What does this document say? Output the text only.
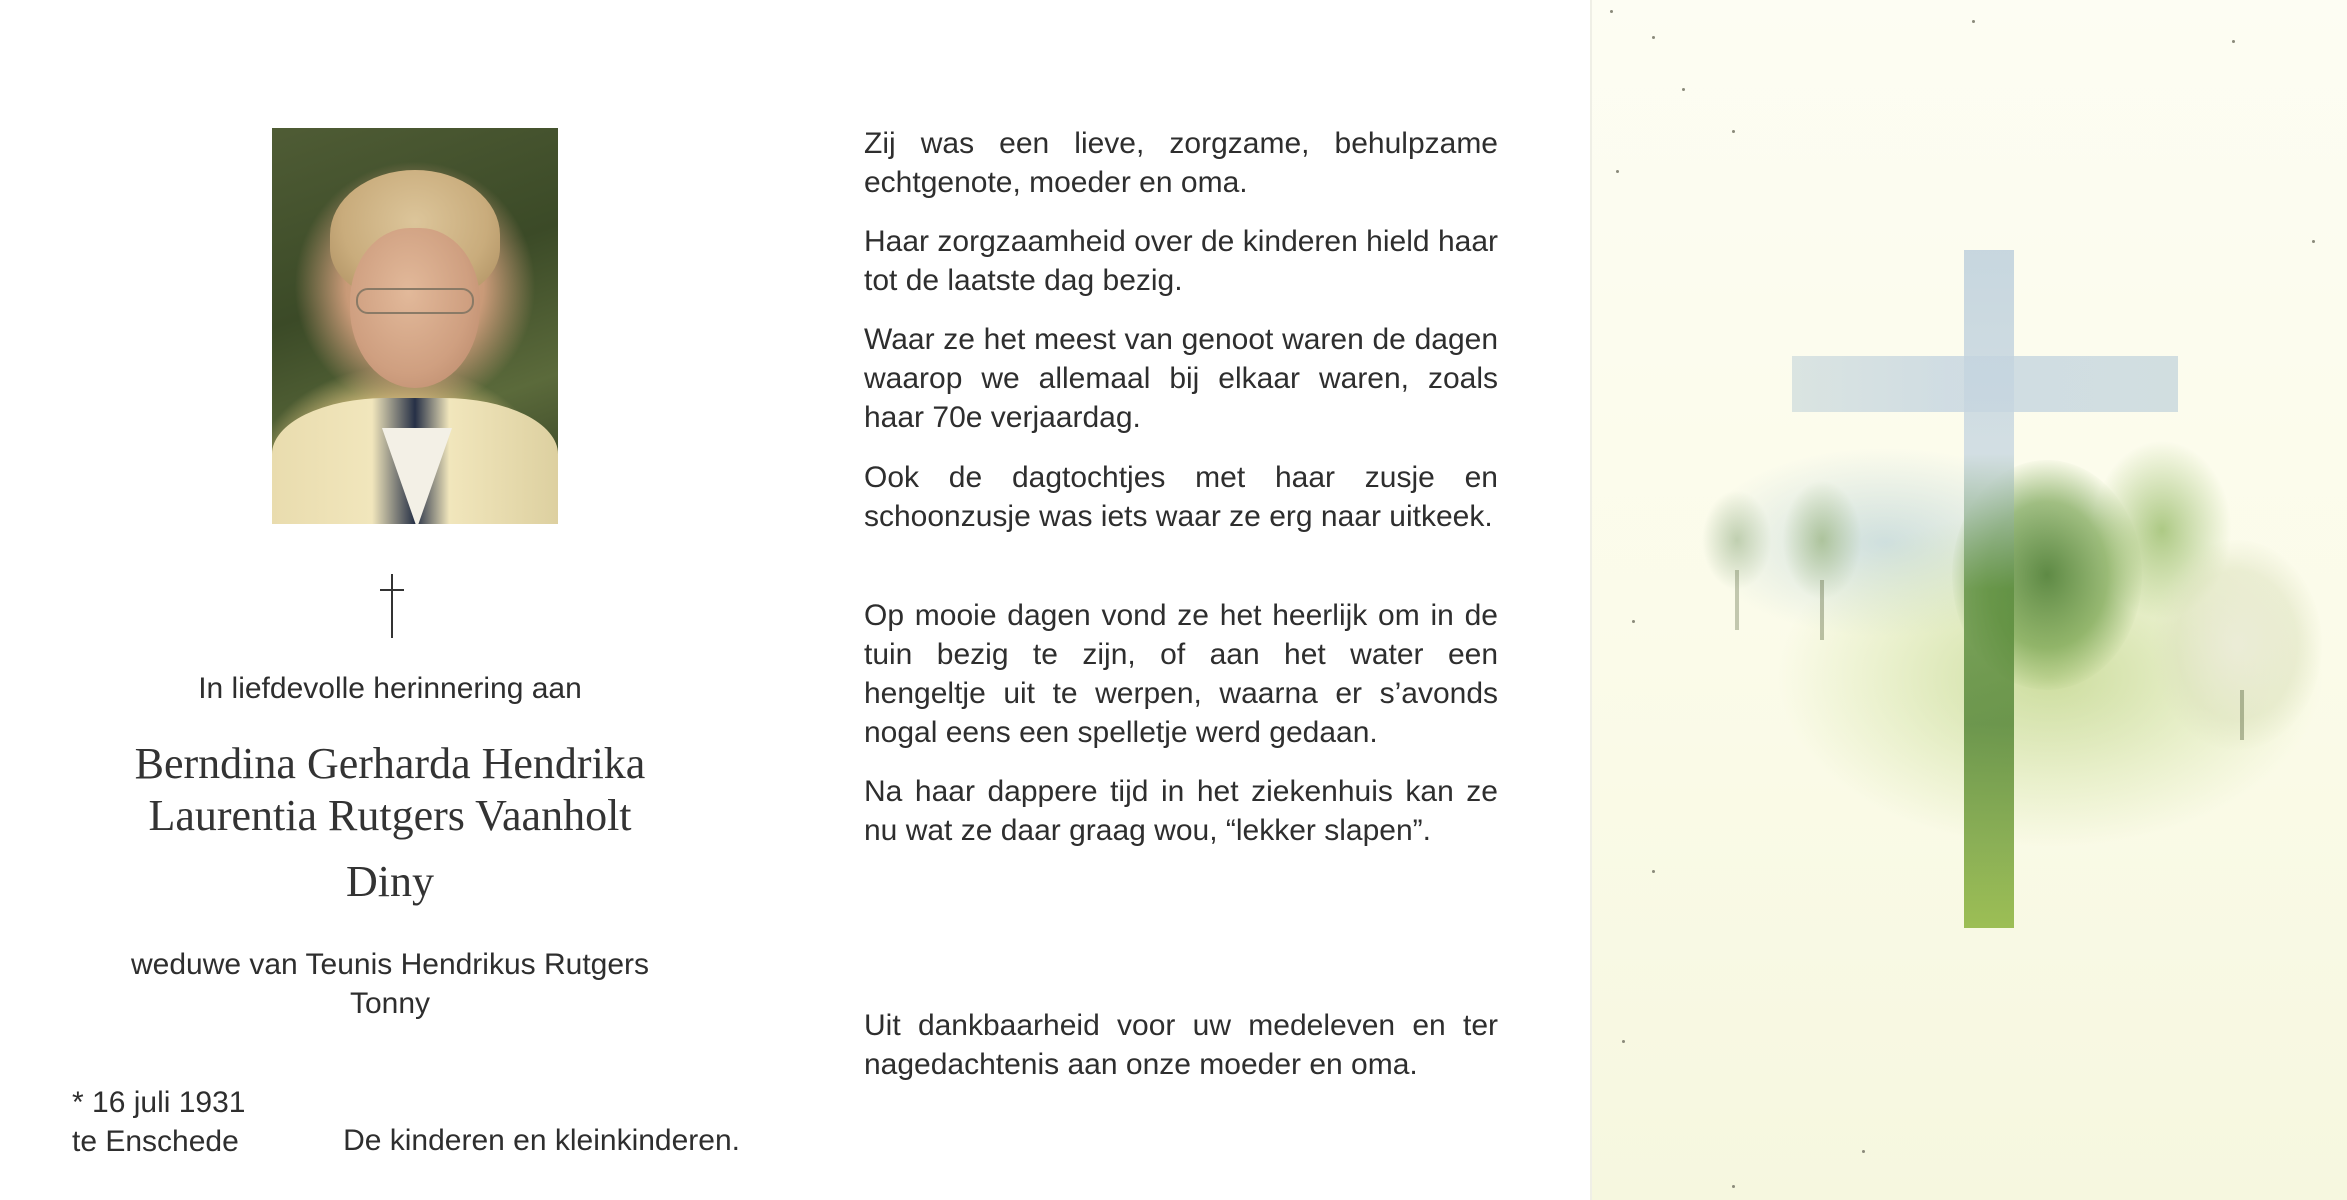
In liefdevolle herinnering aan
Berndina Gerharda Hendrika
Laurentia Rutgers Vaanholt
Diny
weduwe van Teunis Hendrikus Rutgers
Tonny
* 16 juli 1931
te Enschede

Zij was een lieve, zorgzame, behulpzame echtgenote, moeder en oma.

Haar zorgzaamheid over de kinderen hield haar tot de laatste dag bezig.

Waar ze het meest van genoot waren de dagen waarop we allemaal bij elkaar waren, zoals haar 70e verjaardag.

Ook de dagtochtjes met haar zusje en schoonzusje was iets waar ze erg naar uitkeek.

Op mooie dagen vond ze het heerlijk om in de tuin bezig te zijn, of aan het water een hengeltje uit te werpen, waarna er s’avonds nogal eens een spelletje werd gedaan.

Na haar dappere tijd in het ziekenhuis kan ze nu wat ze daar graag wou, “lekker slapen”.

Uit dankbaarheid voor uw medeleven en ter nagedachtenis aan onze moeder en oma.

De kinderen en kleinkinderen.
